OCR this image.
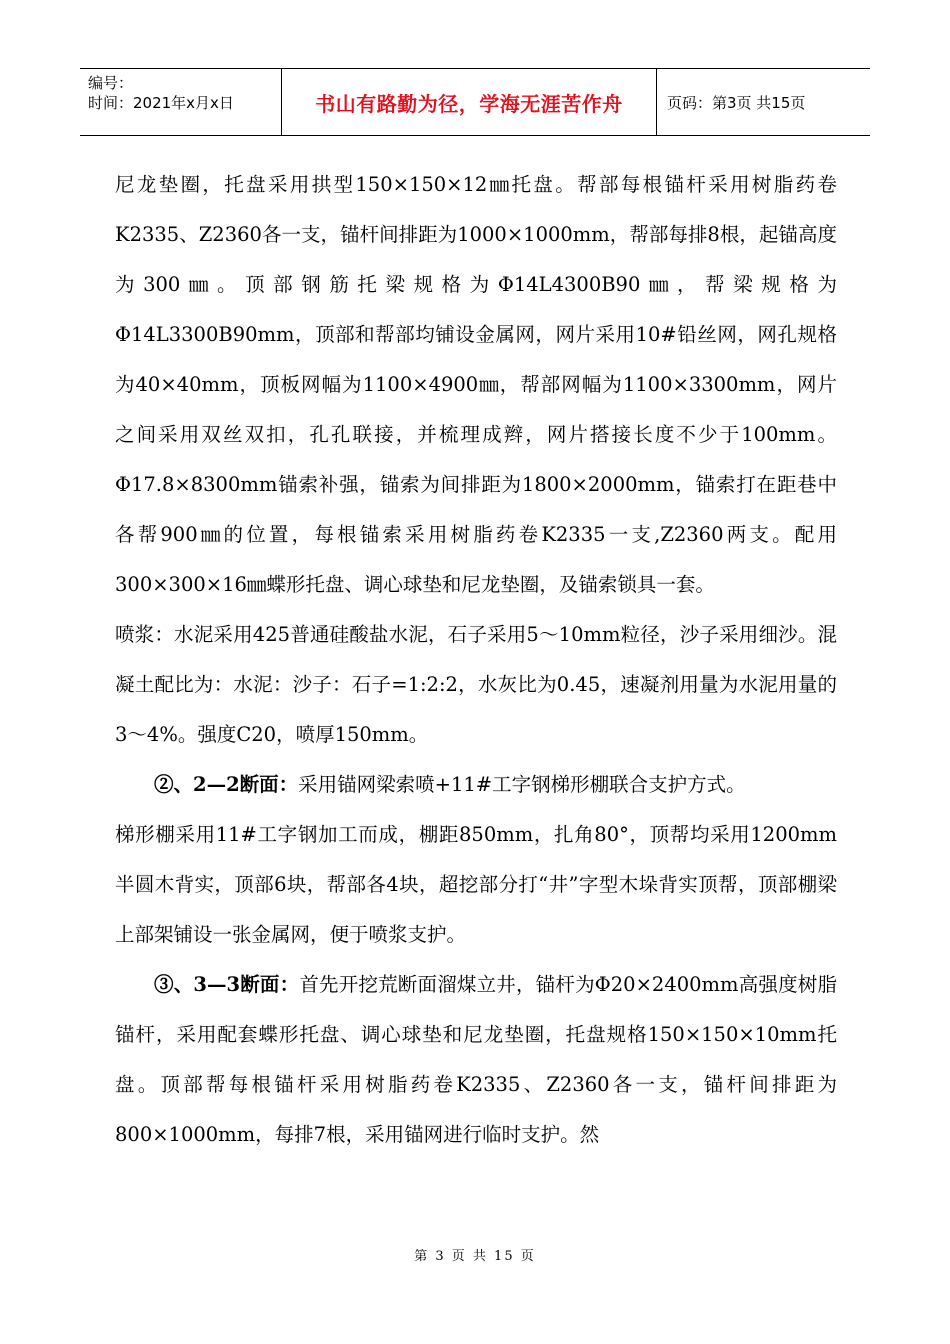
编号：
时间：2021年x月x日	书山有路勤为径，学海无涯苦作舟	页码：第3页 共15页

尼龙垫圈，托盘采用拱型150×150×12㎜托盘。帮部每根锚杆采用树脂药卷K2335、Z2360各一支，锚杆间排距为1000×1000mm，帮部每排8根，起锚高度为300㎜。顶部钢筋托梁规格为Φ14L4300B90㎜，帮梁规格为Φ14L3300B90mm，顶部和帮部均铺设金属网，网片采用10#铅丝网，网孔规格为40×40mm，顶板网幅为1100×4900㎜，帮部网幅为1100×3300mm，网片之间采用双丝双扣，孔孔联接，并梳理成辫，网片搭接长度不少于100mm。Φ17.8×8300mm锚索补强，锚索为间排距为1800×2000mm，锚索打在距巷中各帮900㎜的位置，每根锚索采用树脂药卷K2335一支,Z2360两支。配用300×300×16㎜蝶形托盘、调心球垫和尼龙垫圈，及锚索锁具一套。

喷浆：水泥采用425普通硅酸盐水泥，石子采用5～10mm粒径，沙子采用细沙。混凝土配比为：水泥：沙子：石子=1:2:2，水灰比为0.45，速凝剂用量为水泥用量的3～4%。强度C20，喷厚150mm。

②、2—2断面：采用锚网梁索喷+11#工字钢梯形棚联合支护方式。

梯形棚采用11#工字钢加工而成，棚距850mm，扎角80°，顶帮均采用1200mm半圆木背实，顶部6块，帮部各4块，超挖部分打“井”字型木垛背实顶帮，顶部棚梁上部架铺设一张金属网，便于喷浆支护。

③、3—3断面：首先开挖荒断面溜煤立井，锚杆为Φ20×2400mm高强度树脂锚杆，采用配套蝶形托盘、调心球垫和尼龙垫圈，托盘规格150×150×10mm托盘。顶部帮每根锚杆采用树脂药卷K2335、Z2360各一支，锚杆间排距为800×1000mm，每排7根，采用锚网进行临时支护。然

第 3 页 共 15 页
